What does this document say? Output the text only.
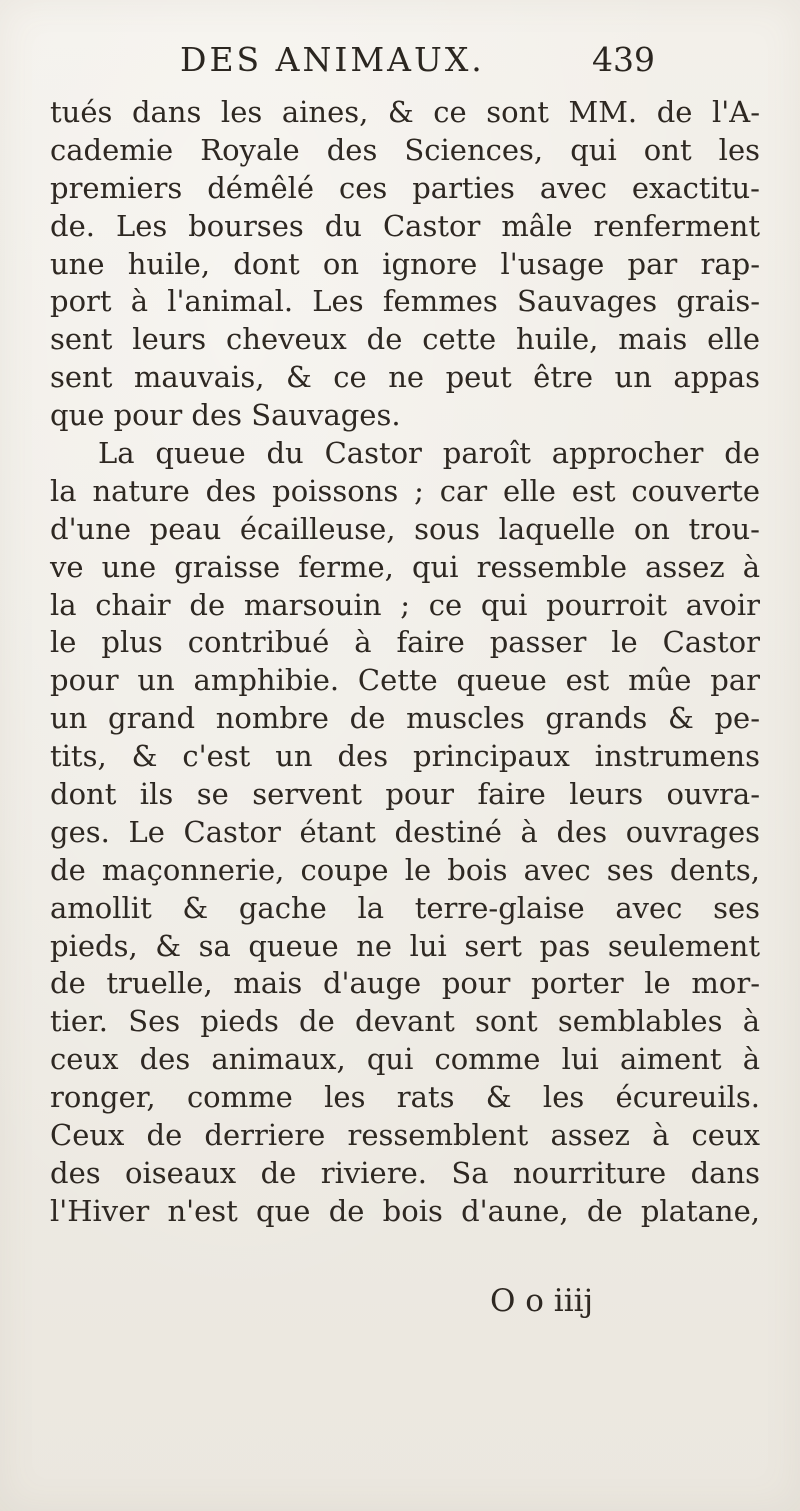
DES ANIMAUX.	439
tués dans les aines, & ce sont MM. de l'A-
cademie Royale des Sciences, qui ont les
premiers démêlé ces parties avec exactitu-
de. Les bourses du Castor mâle renferment
une huile, dont on ignore l'usage par rap-
port à l'animal. Les femmes Sauvages grais-
sent leurs cheveux de cette huile, mais elle
sent mauvais, & ce ne peut être un appas
que pour des Sauvages.
La queue du Castor paroît approcher de
la nature des poissons ; car elle est couverte
d'une peau écailleuse, sous laquelle on trou-
ve une graisse ferme, qui ressemble assez à
la chair de marsouin ; ce qui pourroit avoir
le plus contribué à faire passer le Castor
pour un amphibie. Cette queue est mûe par
un grand nombre de muscles grands & pe-
tits, & c'est un des principaux instrumens
dont ils se servent pour faire leurs ouvra-
ges. Le Castor étant destiné à des ouvrages
de maçonnerie, coupe le bois avec ses dents,
amollit & gache la terre-glaise avec ses
pieds, & sa queue ne lui sert pas seulement
de truelle, mais d'auge pour porter le mor-
tier. Ses pieds de devant sont semblables à
ceux des animaux, qui comme lui aiment à
ronger, comme les rats & les écureuils.
Ceux de derriere ressemblent assez à ceux
des oiseaux de riviere. Sa nourriture dans
l'Hiver n'est que de bois d'aune, de platane,
O o iiij
